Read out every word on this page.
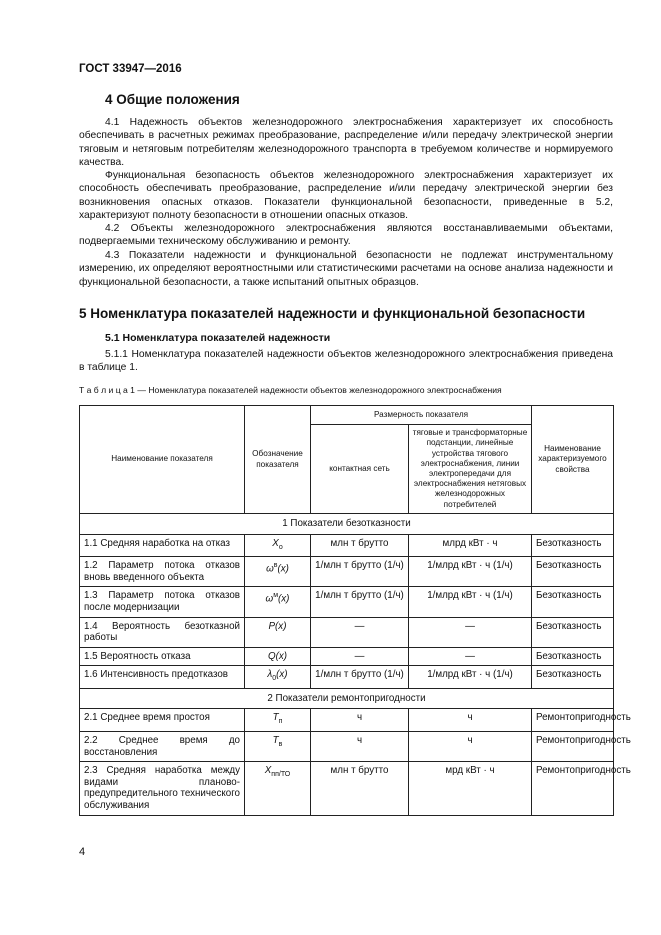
ГОСТ 33947—2016
4 Общие положения
4.1 Надежность объектов железнодорожного электроснабжения характеризует их способность обеспечивать в расчетных режимах преобразование, распределение и/или передачу электрической энергии тяговым и нетяговым потребителям железнодорожного транспорта в требуемом количестве и нормируемого качества.
Функциональная безопасность объектов железнодорожного электроснабжения характеризует их способность обеспечивать преобразование, распределение и/или передачу электрической энергии без возникновения опасных отказов. Показатели функциональной безопасности, приведенные в 5.2, характеризуют полноту безопасности в отношении опасных отказов.
4.2 Объекты железнодорожного электроснабжения являются восстанавливаемыми объектами, подвергаемыми техническому обслуживанию и ремонту.
4.3 Показатели надежности и функциональной безопасности не подлежат инструментальному измерению, их определяют вероятностными или статистическими расчетами на основе анализа надежности и функциональной безопасности, а также испытаний опытных образцов.
5 Номенклатура показателей надежности и функциональной безопасности
5.1 Номенклатура показателей надежности
5.1.1 Номенклатура показателей надежности объектов железнодорожного электроснабжения приведена в таблице 1.
Т а б л и ц а 1 — Номенклатура показателей надежности объектов железнодорожного электроснабжения
Наименование показателя	Обозначение показателя	Размерность показателя		Наименование характеризуемого свойства
		контактная сеть	тяговые и трансформаторные подстанции, линейные устройства тягового электроснабжения, линии электропередачи для электроснабжения нетяговых железнодорожных потребителей	
1 Показатели безотказности				
1.1 Средняя наработка на отказ	$X_о$	млн т брутто	млрд кВт · ч	Безотказность
1.2 Параметр потока отказов вновь введенного объекта	$\omega^в(x)$	1/млн т брутто (1/ч)	1/млрд кВт · ч (1/ч)	Безотказность
1.3 Параметр потока отказов после модернизации	$\omega^м(x)$	1/млн т брутто (1/ч)	1/млрд кВт · ч (1/ч)	Безотказность
1.4 Вероятность безотказной работы	P(x)	—	—	Безотказность
1.5 Вероятность отказа	Q(x)	—	—	Безотказность
1.6 Интенсивность предотказов	$\lambda_0(x)$	1/млн т брутто (1/ч)	1/млрд кВт · ч (1/ч)	Безотказность
2 Показатели ремонтопригодности				
2.1 Среднее время простоя	$T_п$	ч	ч	Ремонтопригодность
2.2 Среднее время до восстановления	$T_в$	ч	ч	Ремонтопригодность
2.3 Средняя наработка между видами планово-предупредительного технического обслуживания	$X_{пп/ТО}$	млн т брутто	мрд кВт · ч	Ремонтопригодность
4
